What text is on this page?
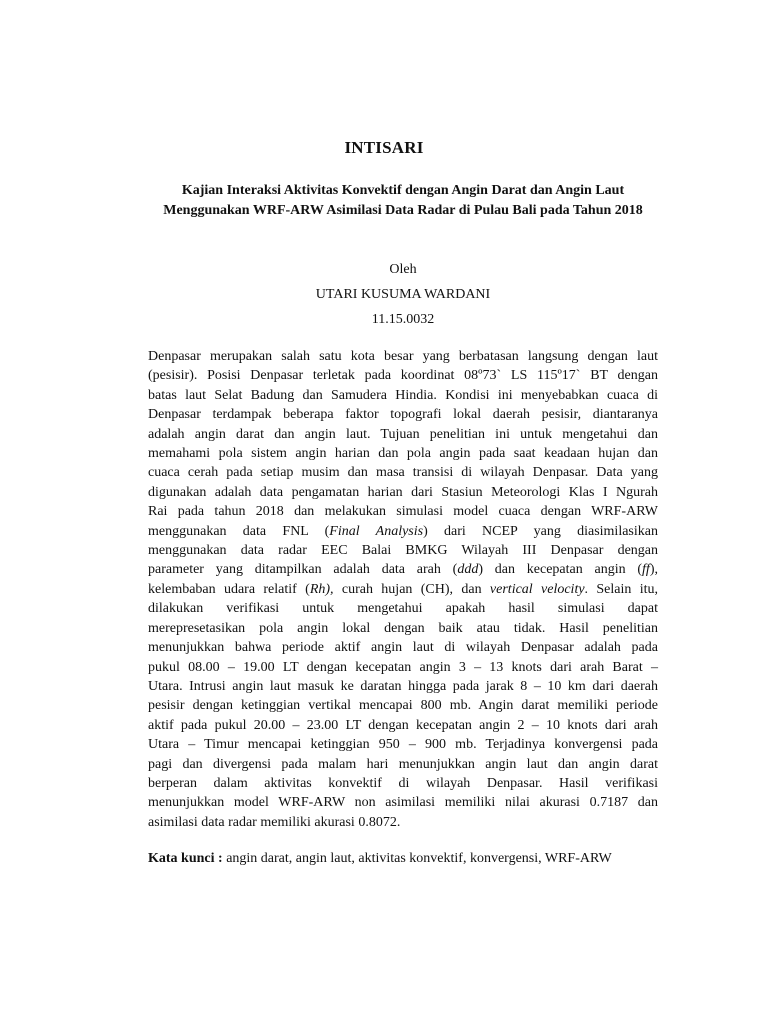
INTISARI
Kajian Interaksi Aktivitas Konvektif dengan Angin Darat dan Angin Laut Menggunakan WRF-ARW Asimilasi Data Radar di Pulau Bali pada Tahun 2018
Oleh
UTARI KUSUMA WARDANI
11.15.0032
Denpasar merupakan salah satu kota besar yang berbatasan langsung dengan laut
(pesisir). Posisi Denpasar terletak pada koordinat 08º73` LS 115º17` BT dengan
batas laut Selat Badung dan Samudera Hindia. Kondisi ini menyebabkan cuaca di
Denpasar terdampak beberapa faktor topografi lokal daerah pesisir, diantaranya
adalah angin darat dan angin laut. Tujuan penelitian ini untuk mengetahui dan
memahami pola sistem angin harian dan pola angin pada saat keadaan hujan dan
cuaca cerah pada setiap musim dan masa transisi di wilayah Denpasar. Data yang
digunakan adalah data pengamatan harian dari Stasiun Meteorologi Klas I Ngurah
Rai pada tahun 2018 dan melakukan simulasi model cuaca dengan WRF-ARW
menggunakan data FNL (Final Analysis) dari NCEP yang diasimilasikan
menggunakan data radar EEC Balai BMKG Wilayah III Denpasar dengan
parameter yang ditampilkan adalah data arah (ddd) dan kecepatan angin (ff),
kelembaban udara relatif (Rh), curah hujan (CH), dan vertical velocity. Selain itu,
dilakukan verifikasi untuk mengetahui apakah hasil simulasi dapat
merepresetasikan pola angin lokal dengan baik atau tidak. Hasil penelitian
menunjukkan bahwa periode aktif angin laut di wilayah Denpasar adalah pada
pukul 08.00 – 19.00 LT dengan kecepatan angin 3 – 13 knots dari arah Barat –
Utara. Intrusi angin laut masuk ke daratan hingga pada jarak 8 – 10 km dari daerah
pesisir dengan ketinggian vertikal mencapai 800 mb. Angin darat memiliki periode
aktif pada pukul 20.00 – 23.00 LT dengan kecepatan angin 2 – 10 knots dari arah
Utara – Timur mencapai ketinggian 950 – 900 mb. Terjadinya konvergensi pada
pagi dan divergensi pada malam hari menunjukkan angin laut dan angin darat
berperan dalam aktivitas konvektif di wilayah Denpasar. Hasil verifikasi
menunjukkan model WRF-ARW non asimilasi memiliki nilai akurasi 0.7187 dan
asimilasi data radar memiliki akurasi 0.8072.
Kata kunci : angin darat, angin laut, aktivitas konvektif, konvergensi, WRF-ARW
